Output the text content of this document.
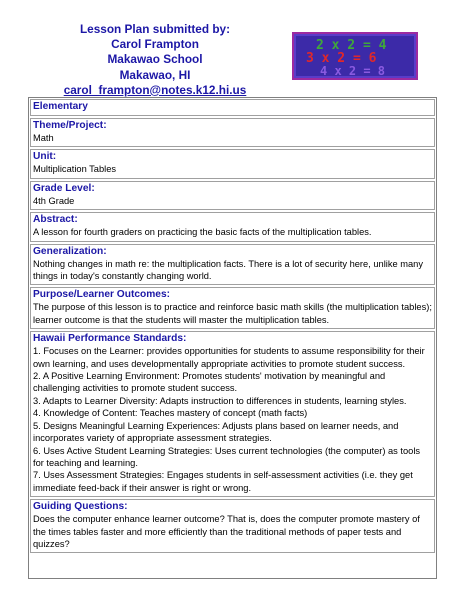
Lesson Plan submitted by:
Carol Frampton
Makawao School
Makawao, HI
carol_frampton@notes.k12.hi.us
2 x 2 = 4
3 x 2 = 6
4 x 2 = 8
Elementary
Theme/Project:
Math
Unit:
Multiplication Tables
Grade Level:
4th Grade
Abstract:
A lesson for fourth graders on practicing the basic facts of the multiplication tables.
Generalization:
Nothing changes in math re: the multiplication facts. There is a lot of security here, unlike many things in today's constantly changing world.
Purpose/Learner Outcomes:
The purpose of this lesson is to practice and reinforce basic math skills (the multiplication tables); learner outcome is that the students will master the multiplication tables.
Hawaii Performance Standards:
1. Focuses on the Learner: provides opportunities for students to assume responsibility for their own learning, and uses developmentally appropriate activities to promote student success.
2. A Positive Learning Environment: Promotes students' motivation by meaningful and challenging activities to promote student success.
3. Adapts to Learner Diversity: Adapts instruction to differences in students, learning styles.
4. Knowledge of Content: Teaches mastery of concept (math facts)
5. Designs Meaningful Learning Experiences: Adjusts plans based on learner needs, and incorporates variety of appropriate assessment strategies.
6. Uses Active Student Learning Strategies: Uses current technologies (the computer) as tools for teaching and learning.
7. Uses Assessment Strategies: Engages students in self-assessment activities (i.e. they get immediate feed-back if their answer is right or wrong.
Guiding Questions:
Does the computer enhance learner outcome? That is, does the computer promote mastery of the times tables faster and more efficiently than the traditional methods of paper tests and quizzes?
